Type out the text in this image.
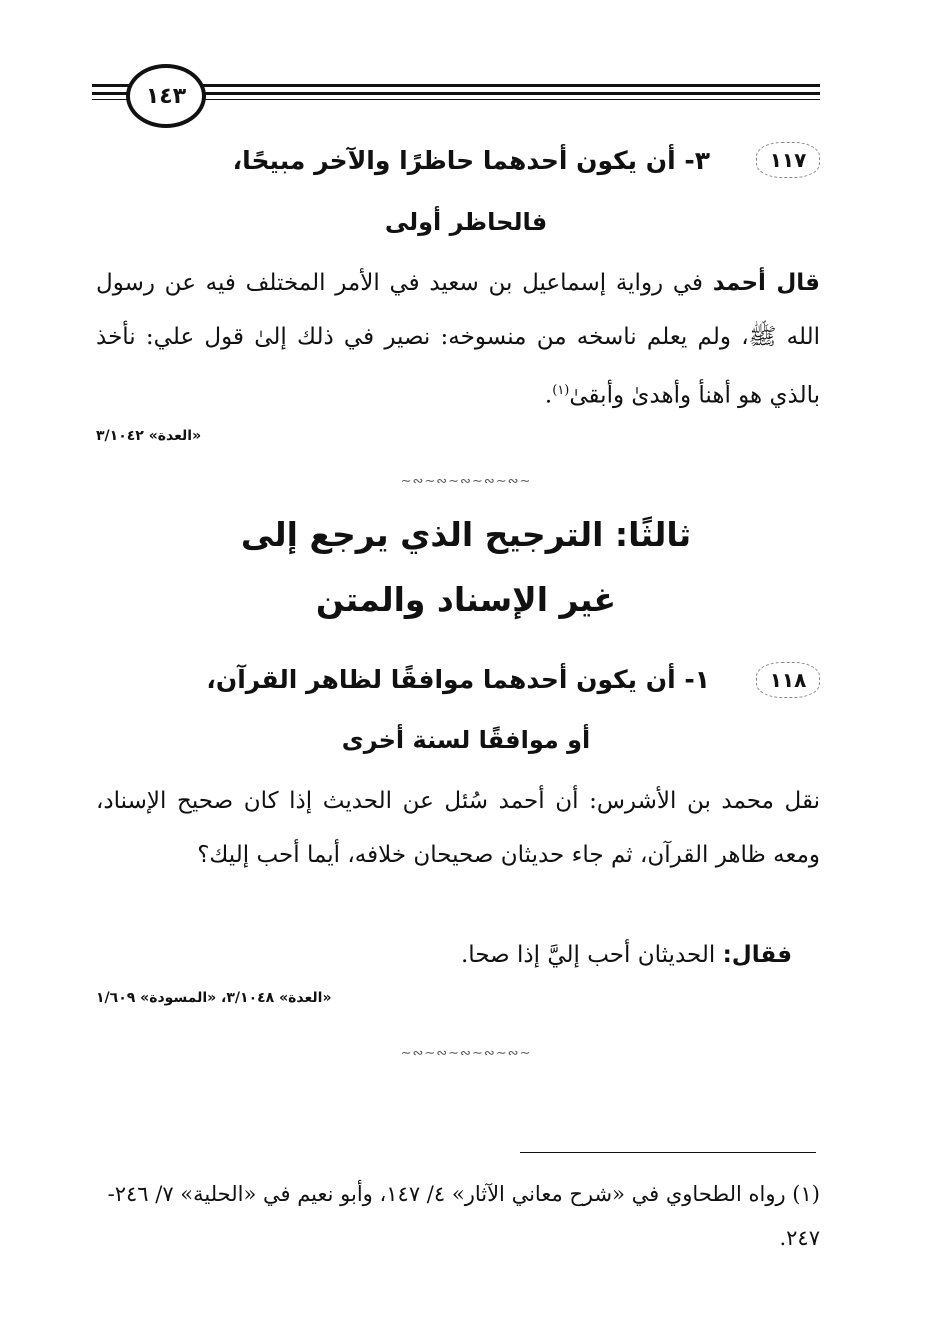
١٤٣
١١٧
٣- أن يكون أحدهما حاظرًا والآخر مبيحًا،
فالحاظر أولى
قال أحمد في رواية إسماعيل بن سعيد في الأمر المختلف فيه عن رسول الله ﷺ، ولم يعلم ناسخه من منسوخه: نصير في ذلك إلىٰ قول علي: نأخذ بالذي هو أهنأ وأهدىٰ وأبقىٰ$^{(١)}$.
«العدة» ٣/١٠٤٢
∽∾∽∾∽∾∽∾∽∾∽
ثالثًا: الترجيح الذي يرجع إلى
غير الإسناد والمتن
١١٨
١- أن يكون أحدهما موافقًا لظاهر القرآن،
أو موافقًا لسنة أخرى
نقل محمد بن الأشرس: أن أحمد سُئل عن الحديث إذا كان صحيح الإسناد، ومعه ظاهر القرآن، ثم جاء حديثان صحيحان خلافه، أيما أحب إليك؟
فقال: الحديثان أحب إليَّ إذا صحا.
«العدة» ٣/١٠٤٨، «المسودة» ١/٦٠٩
∽∾∽∾∽∾∽∾∽∾∽
(١) رواه الطحاوي في «شرح معاني الآثار» ٤/ ١٤٧، وأبو نعيم في «الحلية» ٧/ ٢٤٦- ٢٤٧.
